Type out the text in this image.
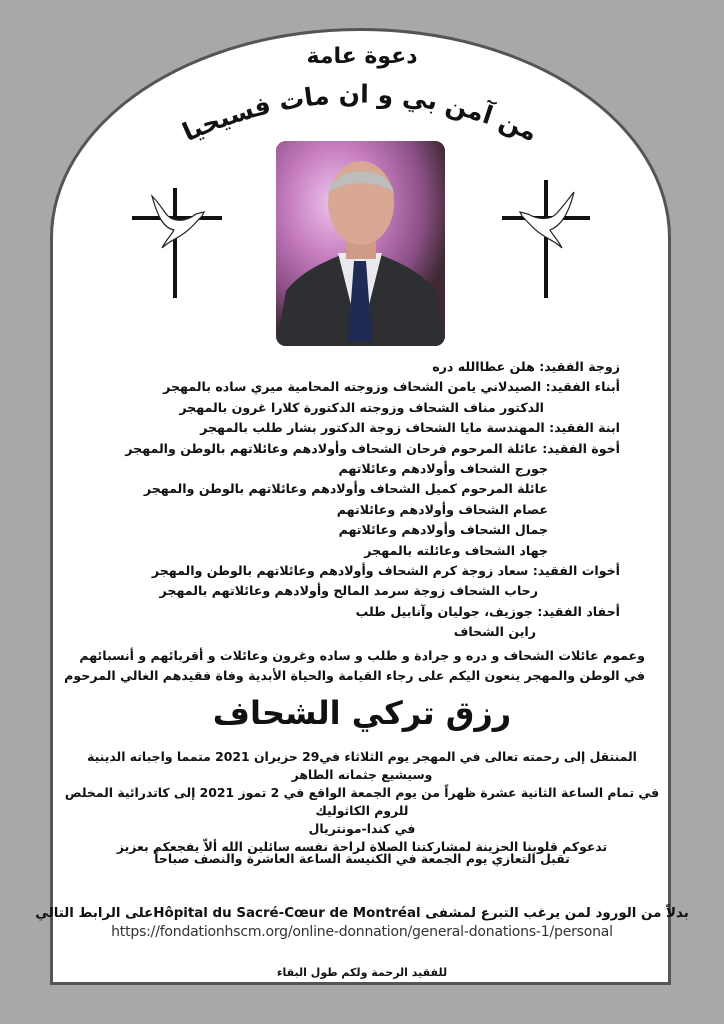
دعوة عامة
من آمن بي و ان مات فسيحيا
زوجة الفقيد: هلن عطاالله دره
أبناء الفقيد: الصيدلاني يامن الشحاف وزوجته المحامية ميري ساده بالمهجر
الدكتور مناف الشحاف وزوجته الدكتورة كلارا غرون بالمهجر
ابنة الفقيد: المهندسة مايا الشحاف زوجة الدكتور بشار طلب بالمهجر
أخوة الفقيد: عائلة المرحوم فرحان الشحاف وأولادهم وعائلاتهم بالوطن والمهجر
جورج الشحاف وأولادهم وعائلاتهم
عائلة المرحوم كميل الشحاف وأولادهم وعائلاتهم بالوطن والمهجر
عصام الشحاف وأولادهم وعائلاتهم
جمال الشحاف وأولادهم وعائلاتهم
جهاد الشحاف وعائلته بالمهجر
أخوات الفقيد: سعاد زوجة كرم الشحاف وأولادهم وعائلاتهم بالوطن والمهجر
رحاب الشحاف زوجة سرمد المالح وأولادهم وعائلاتهم بالمهجر
أحفاد الفقيد: جوزيف، جوليان وآنابيل طلب
راين الشحاف
وعموم عائلات الشحاف و دره و جرادة و طلب و ساده وغرون وعائلات و أقربائهم و أنسبائهم
في الوطن والمهجر ينعون اليكم على رجاء القيامة والحياة الأبدية وفاة فقيدهم الغالي المرحوم
رزق تركي الشحاف
المنتقل إلى رحمته تعالى في المهجر يوم الثلاثاء في29 حزيران 2021 متمما واجباته الدينية وسيشيع جثمانه الطاهر
في تمام الساعة الثانية عشرة ظهراً من يوم الجمعة الواقع في 2 تموز 2021 إلى كاتدرائية المخلص للروم الكاثوليك
في كندا-مونتريال
تدعوكم قلوبنا الحزينة لمشاركتنا الصلاة لراحة نفسه سائلين الله ألاّ يفجعكم بعزيز
تقبل التعازي يوم الجمعة في الكنيسة الساعة العاشرة والنصف صباحاً
بدلاً من الورود لمن يرغب التبرع لمشفى Hôpital du Sacré-Cœur de Montréalعلى الرابط التالي
https://fondationhscm.org/online-donnation/general-donations-1/personal
للفقيد الرحمة ولكم طول البقاء
